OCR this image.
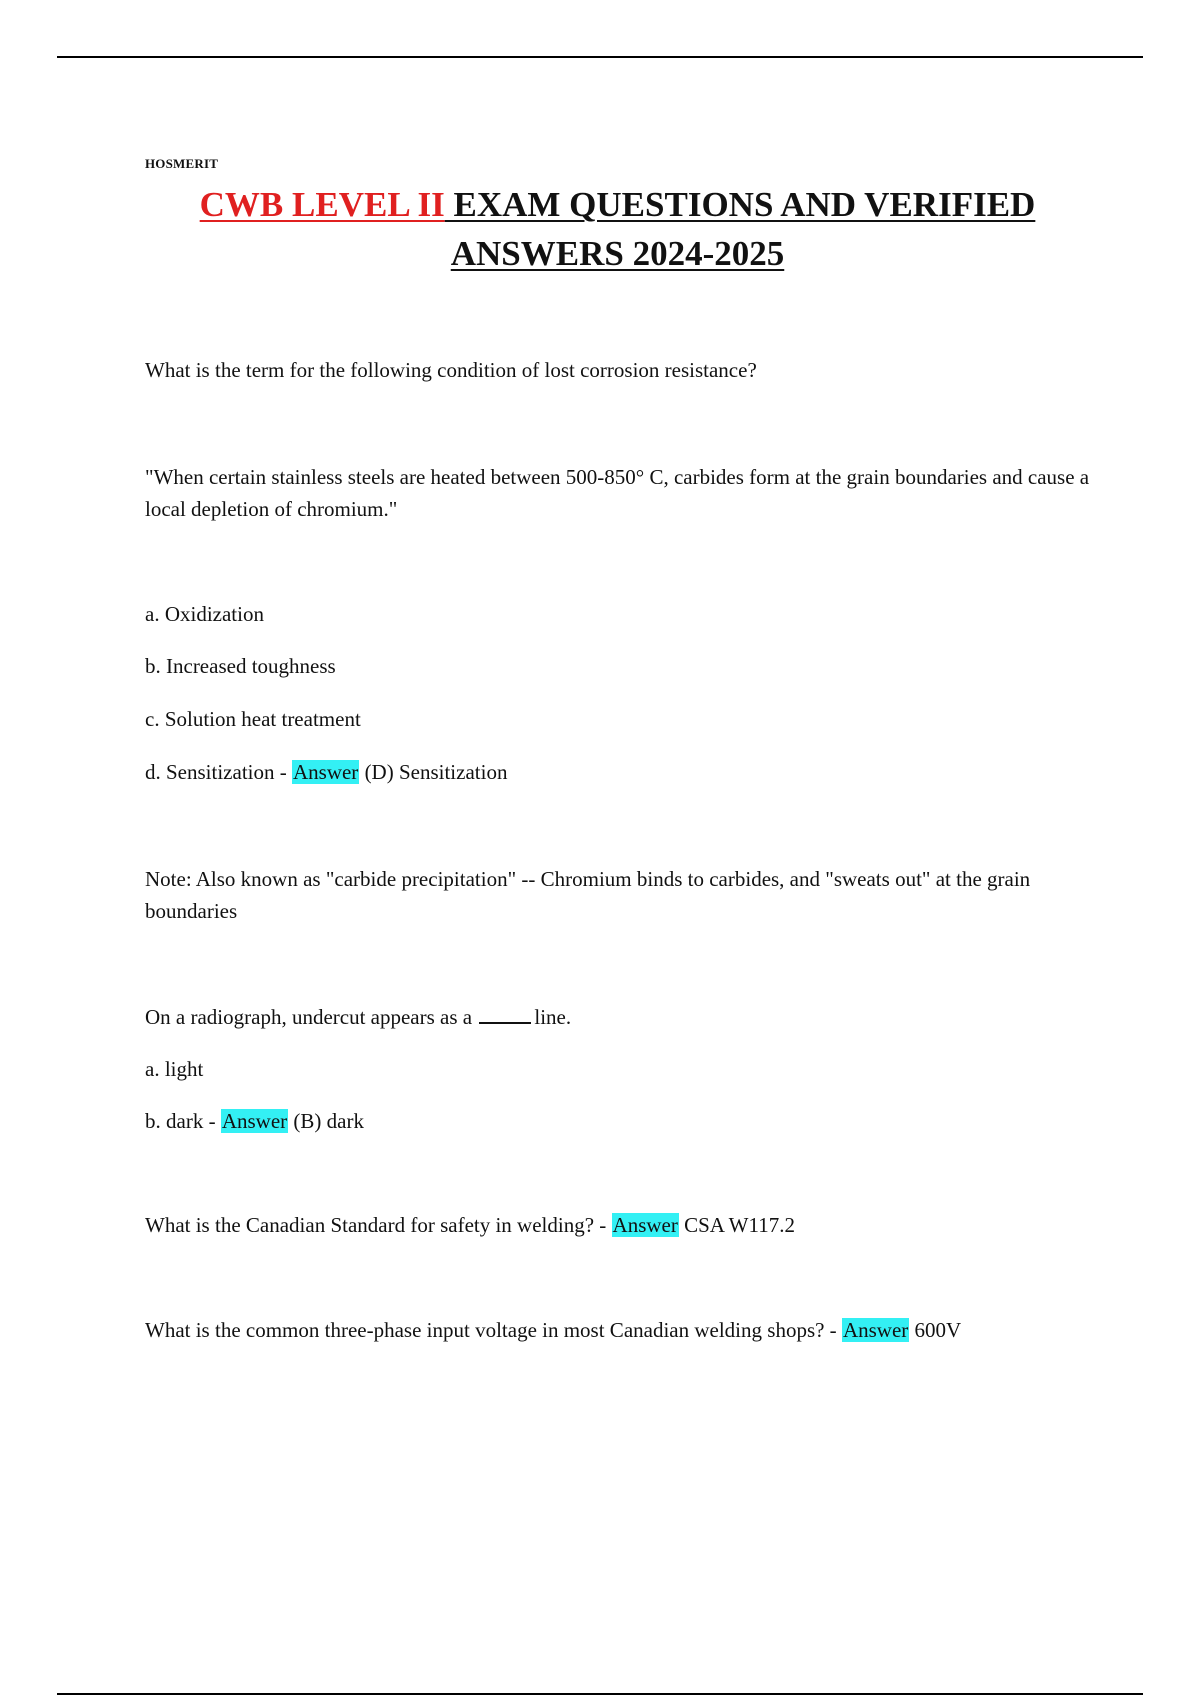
HOSMERIT
CWB LEVEL II EXAM QUESTIONS AND VERIFIED
ANSWERS 2024-2025
What is the term for the following condition of lost corrosion resistance?
"When certain stainless steels are heated between 500-850° C, carbides form at the grain boundaries and cause a local depletion of chromium."
a. Oxidization
b. Increased toughness
c. Solution heat treatment
d. Sensitization - Answer (D) Sensitization
Note: Also known as "carbide precipitation" -- Chromium binds to carbides, and "sweats out" at the grain boundaries
On a radiograph, undercut appears as a	line.
a. light
b. dark - Answer (B) dark
What is the Canadian Standard for safety in welding? - Answer CSA W117.2
What is the common three-phase input voltage in most Canadian welding shops? - Answer 600V
